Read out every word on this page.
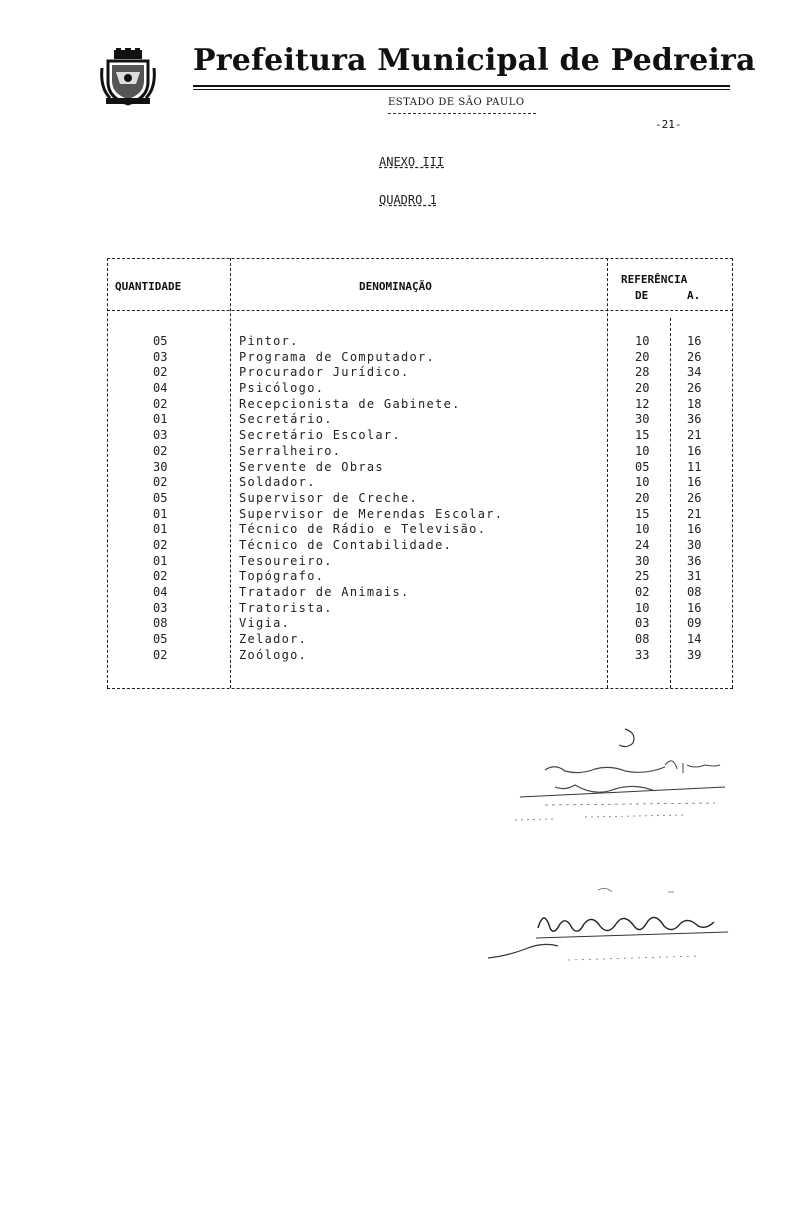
Prefeitura Municipal de Pedreira
ESTADO DE SÃO PAULO
-21-
ANEXO III
QUADRO 1
QUANTIDADE	DENOMINAÇÃO
REFERÊNCIA
DE	A.
05	Pintor.	10	16
03	Programa de Computador.	20	26
02	Procurador Jurídico.	28	34
04	Psicólogo.	20	26
02	Recepcionista de Gabinete.	12	18
01	Secretário.	30	36
03	Secretário Escolar.	15	21
02	Serralheiro.	10	16
30	Servente de Obras	05	11
02	Soldador.	10	16
05	Supervisor de Creche.	20	26
01	Supervisor de Merendas Escolar.	15	21
01	Técnico de Rádio e Televisão.	10	16
02	Técnico de Contabilidade.	24	30
01	Tesoureiro.	30	36
02	Topógrafo.	25	31
04	Tratador de Animais.	02	08
03	Tratorista.	10	16
08	Vigia.	03	09
05	Zelador.	08	14
02	Zoólogo.	33	39
